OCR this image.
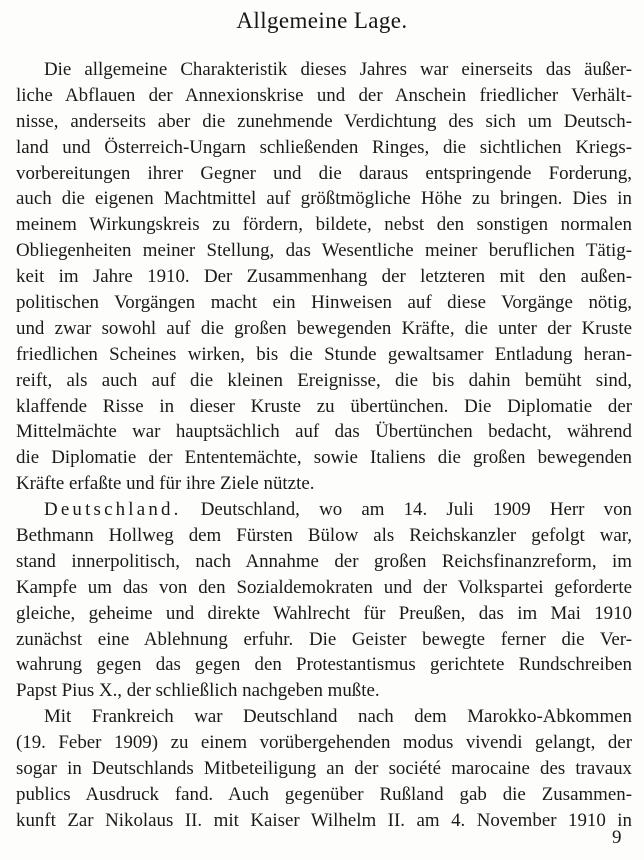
Allgemeine Lage.
Die allgemeine Charakteristik dieses Jahres war einerseits das äußer-
liche Abflauen der Annexionskrise und der Anschein friedlicher Verhält-
nisse, anderseits aber die zunehmende Verdichtung des sich um Deutsch-
land und Österreich-Ungarn schließenden Ringes, die sichtlichen Kriegs-
vorbereitungen ihrer Gegner und die daraus entspringende Forderung,
auch die eigenen Machtmittel auf größtmögliche Höhe zu bringen. Dies in
meinem Wirkungskreis zu fördern, bildete, nebst den sonstigen normalen
Obliegenheiten meiner Stellung, das Wesentliche meiner beruflichen Tätig-
keit im Jahre 1910. Der Zusammenhang der letzteren mit den außen-
politischen Vorgängen macht ein Hinweisen auf diese Vorgänge nötig,
und zwar sowohl auf die großen bewegenden Kräfte, die unter der Kruste
friedlichen Scheines wirken, bis die Stunde gewaltsamer Entladung heran-
reift, als auch auf die kleinen Ereignisse, die bis dahin bemüht sind,
klaffende Risse in dieser Kruste zu übertünchen. Die Diplomatie der
Mittelmächte war hauptsächlich auf das Übertünchen bedacht, während
die Diplomatie der Ententemächte, sowie Italiens die großen bewegenden
Kräfte erfaßte und für ihre Ziele nützte.
Deutschland. Deutschland, wo am 14. Juli 1909 Herr von
Bethmann Hollweg dem Fürsten Bülow als Reichskanzler gefolgt war,
stand innerpolitisch, nach Annahme der großen Reichsfinanzreform, im
Kampfe um das von den Sozialdemokraten und der Volkspartei geforderte
gleiche, geheime und direkte Wahlrecht für Preußen, das im Mai 1910
zunächst eine Ablehnung erfuhr. Die Geister bewegte ferner die Ver-
wahrung gegen das gegen den Protestantismus gerichtete Rundschreiben
Papst Pius X., der schließlich nachgeben mußte.
Mit Frankreich war Deutschland nach dem Marokko-Abkommen
(19. Feber 1909) zu einem vorübergehenden modus vivendi gelangt, der
sogar in Deutschlands Mitbeteiligung an der société marocaine des travaux
publics Ausdruck fand. Auch gegenüber Rußland gab die Zusammen-
kunft Zar Nikolaus II. mit Kaiser Wilhelm II. am 4. November 1910 in
9
